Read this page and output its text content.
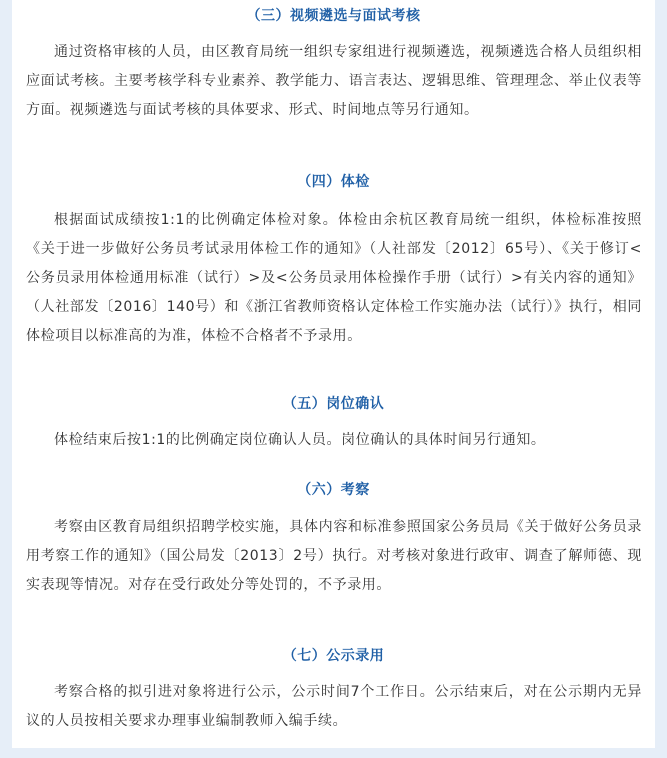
（三）视频遴选与面试考核

通过资格审核的人员，由区教育局统一组织专家组进行视频遴选，视频遴选合格人员组织相应面试考核。主要考核学科专业素养、教学能力、语言表达、逻辑思维、管理理念、举止仪表等方面。视频遴选与面试考核的具体要求、形式、时间地点等另行通知。

（四）体检

根据面试成绩按1:1的比例确定体检对象。体检由余杭区教育局统一组织，体检标准按照《关于进一步做好公务员考试录用体检工作的通知》（人社部发〔2012〕65号）、《关于修订<公务员录用体检通用标准（试行）>及<公务员录用体检操作手册（试行）>有关内容的通知》（人社部发〔2016〕140号）和《浙江省教师资格认定体检工作实施办法（试行）》执行，相同体检项目以标准高的为准，体检不合格者不予录用。

（五）岗位确认

体检结束后按1:1的比例确定岗位确认人员。岗位确认的具体时间另行通知。

（六）考察

考察由区教育局组织招聘学校实施，具体内容和标准参照国家公务员局《关于做好公务员录用考察工作的通知》（国公局发〔2013〕2号）执行。对考核对象进行政审、调查了解师德、现实表现等情况。对存在受行政处分等处罚的，不予录用。

（七）公示录用

考察合格的拟引进对象将进行公示，公示时间7个工作日。公示结束后，对在公示期内无异议的人员按相关要求办理事业编制教师入编手续。
